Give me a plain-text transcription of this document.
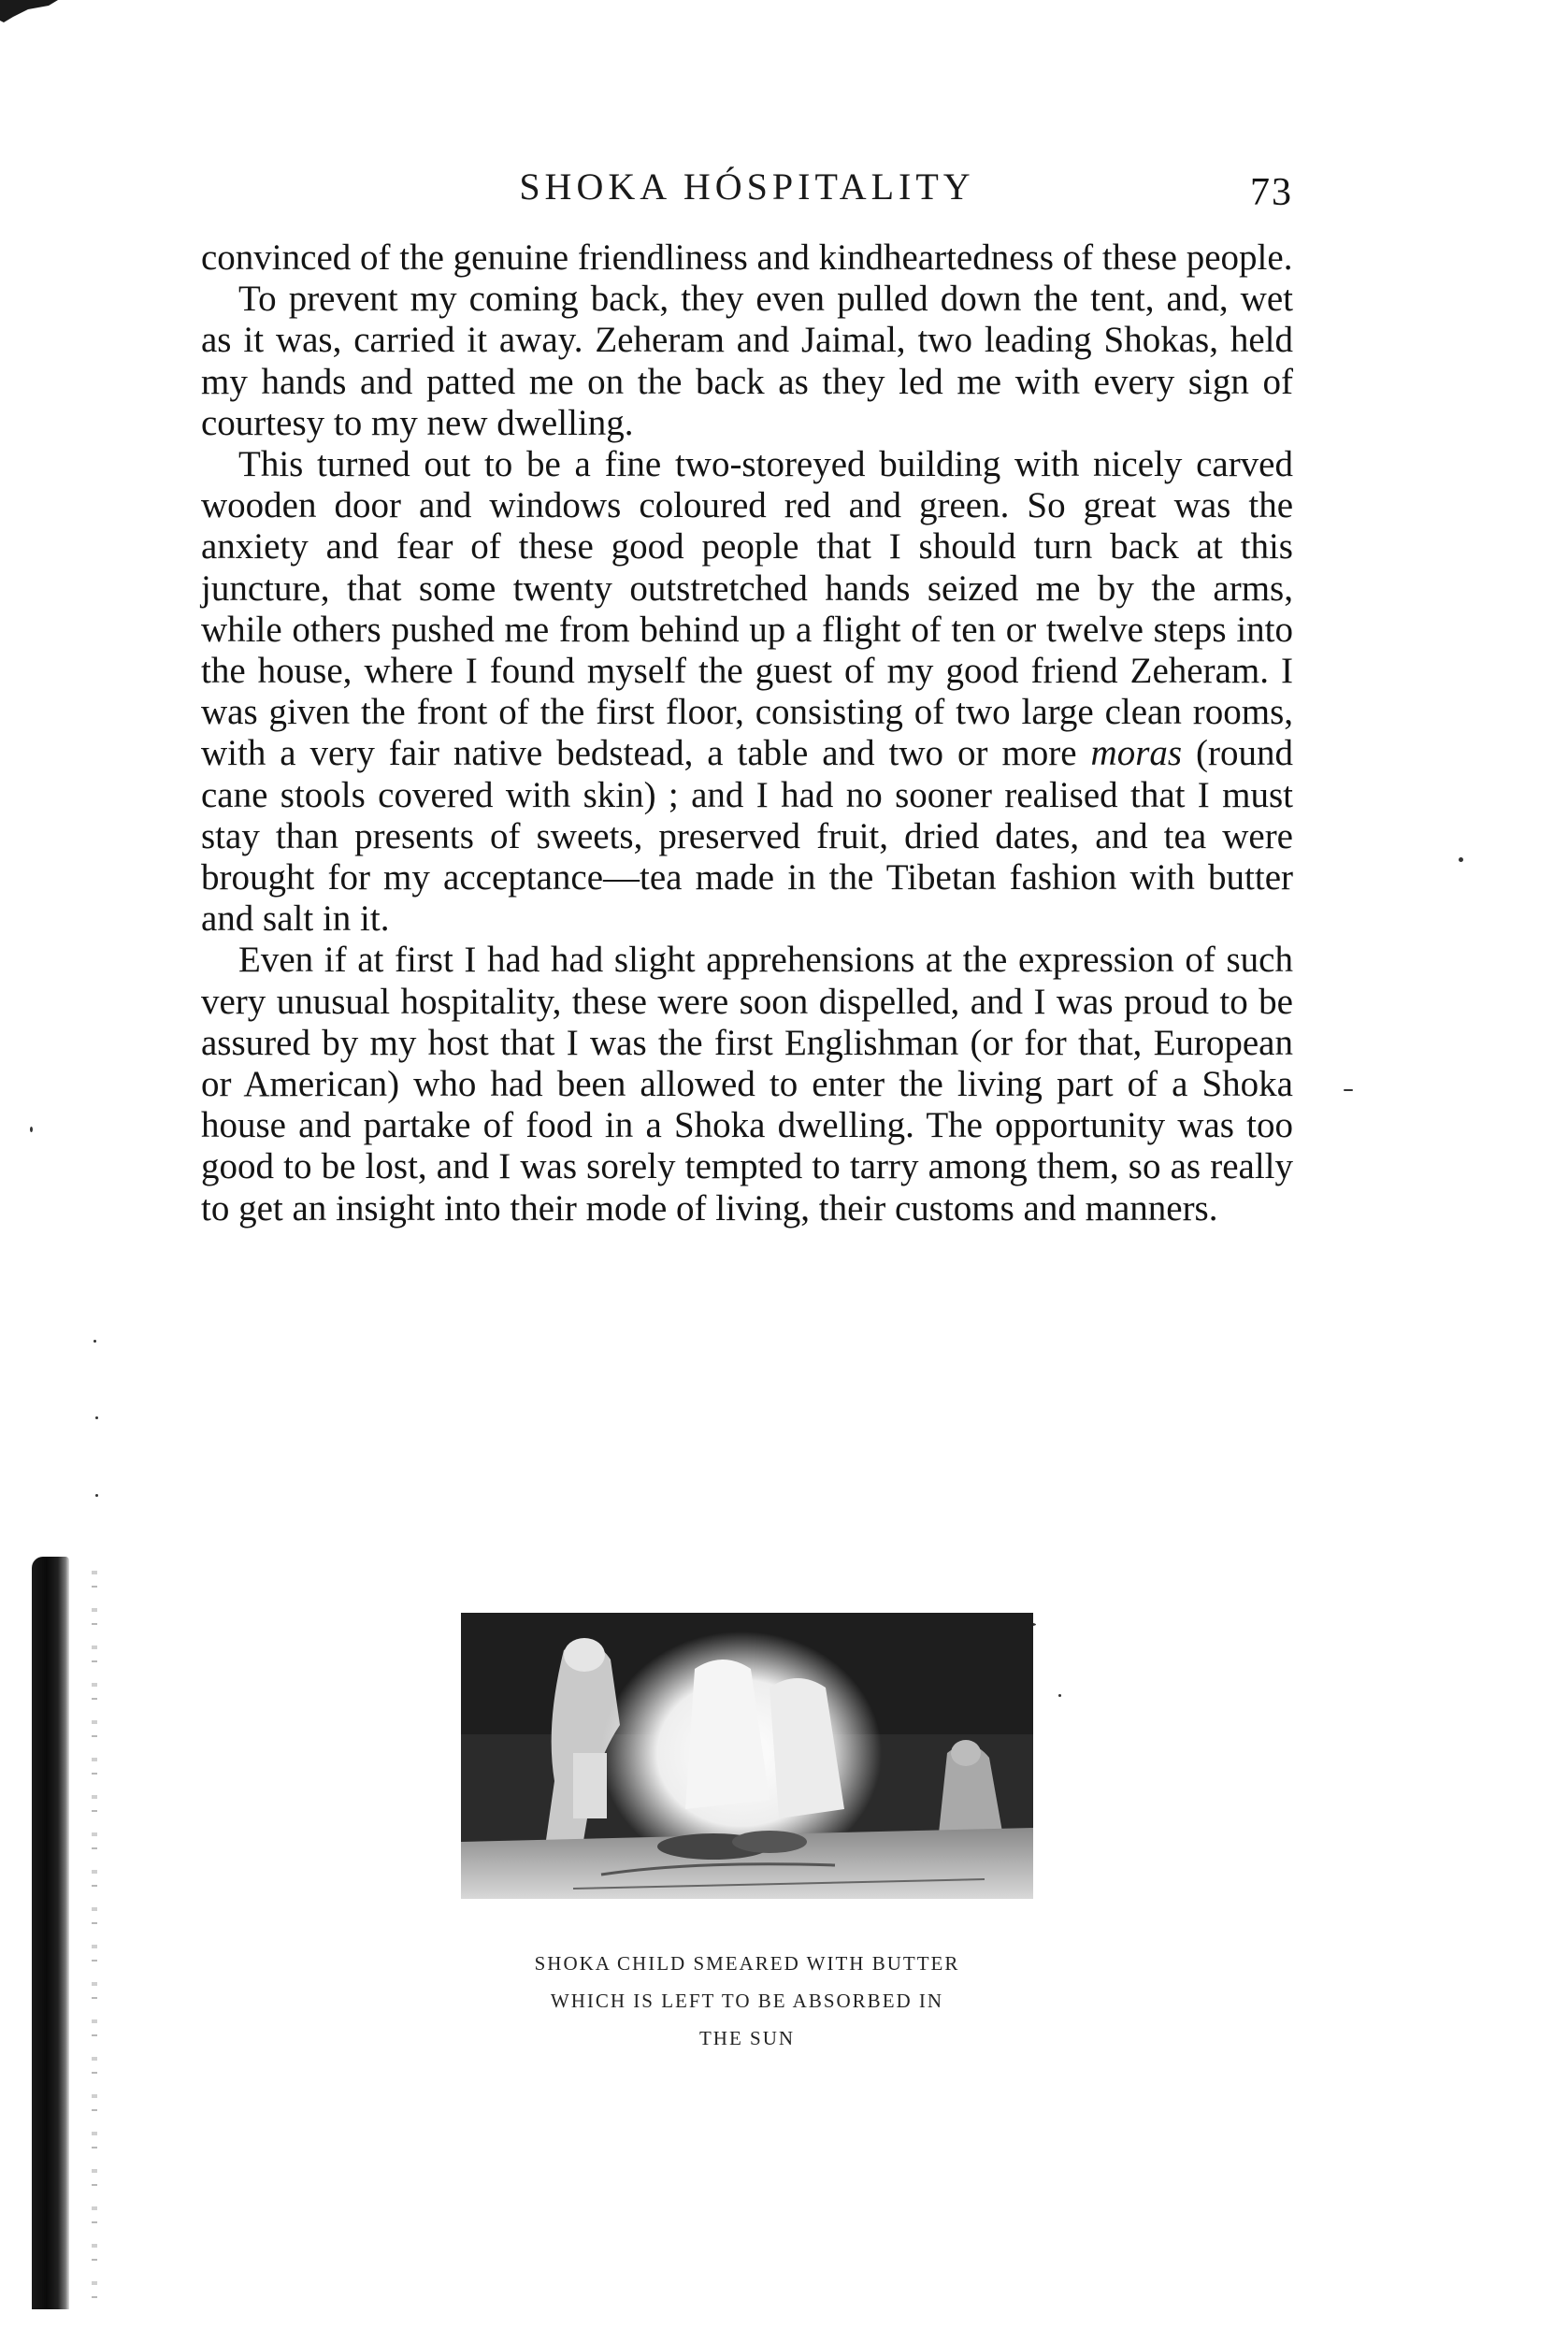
SHOKA HÓSPITALITY	73

convinced of the genuine friendliness and kindheartedness of these people.

To prevent my coming back, they even pulled down the tent, and, wet as it was, carried it away. Zeheram and Jaimal, two leading Shokas, held my hands and patted me on the back as they led me with every sign of courtesy to my new dwelling.

This turned out to be a fine two-storeyed building with nicely carved wooden door and windows coloured red and green. So great was the anxiety and fear of these good people that I should turn back at this juncture, that some twenty outstretched hands seized me by the arms, while others pushed me from behind up a flight of ten or twelve steps into the house, where I found myself the guest of my good friend Zeheram. I was given the front of the first floor, consisting of two large clean rooms, with a very fair native bedstead, a table and two or more moras (round cane stools covered with skin) ; and I had no sooner realised that I must stay than presents of sweets, preserved fruit, dried dates, and tea were brought for my acceptance—tea made in the Tibetan fashion with butter and salt in it.

Even if at first I had had slight apprehensions at the expression of such very unusual hospitality, these were soon dispelled, and I was proud to be assured by my host that I was the first Englishman (or for that, European or American) who had been allowed to enter the living part of a Shoka house and partake of food in a Shoka dwelling. The opportunity was too good to be lost, and I was sorely tempted to tarry among them, so as really to get an insight into their mode of living, their customs and manners.

SHOKA CHILD SMEARED WITH BUTTER
WHICH IS LEFT TO BE ABSORBED IN
THE SUN
